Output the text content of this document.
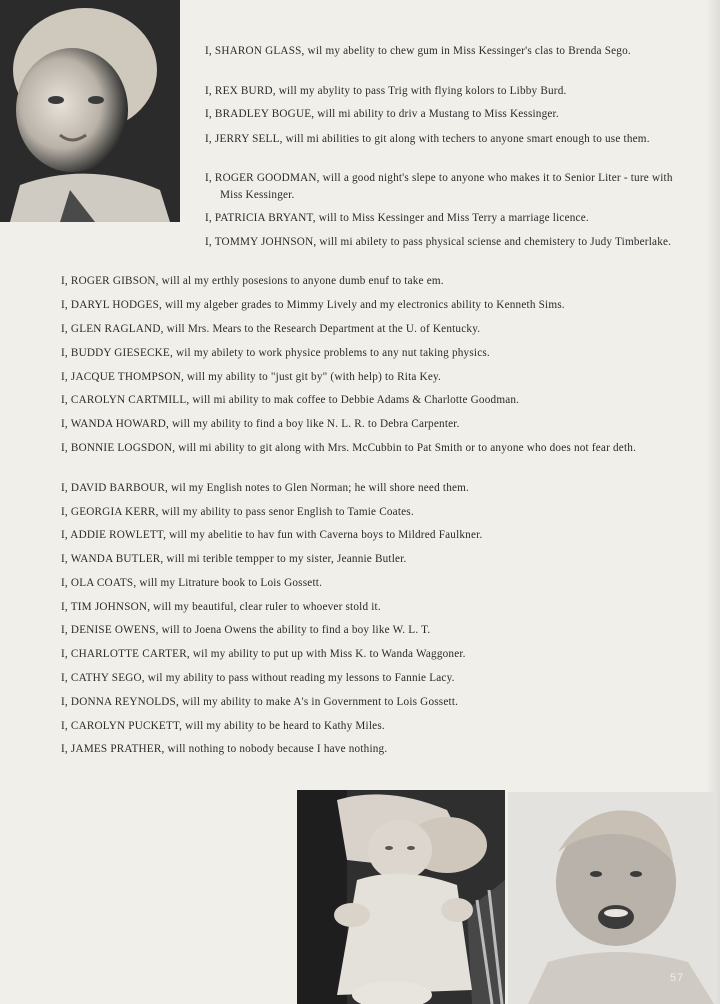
I, SHARON GLASS, wil my abelity to chew gum in Miss Kessinger's clas to Brenda Sego.

I, REX BURD, will my abylity to pass Trig with flying kolors to Libby Burd.

I, BRADLEY BOGUE, will mi ability to driv a Mustang to Miss Kessinger.

I, JERRY SELL, will mi abilities to git along with techers to anyone smart enough to use them.

I, ROGER GOODMAN, will a good night's slepe to anyone who makes it to Senior Liter - ture with Miss Kessinger.

I, PATRICIA BRYANT, will to Miss Kessinger and Miss Terry a marriage licence.

I, TOMMY JOHNSON, will mi abilety to pass physical sciense and chemistery to Judy Timberlake.

I, ROGER GIBSON, will al my erthly posesions to anyone dumb enuf to take em.

I, DARYL HODGES, will my algeber grades to Mimmy Lively and my electronics ability to Kenneth Sims.

I, GLEN RAGLAND, will Mrs. Mears to the Research Department at the U. of Kentucky.

I, BUDDY GIESECKE, wil my abilety to work physice problems to any nut taking physics.

I, JACQUE THOMPSON, will my ability to "just git by" (with help) to Rita Key.

I, CAROLYN CARTMILL, will mi ability to mak coffee to Debbie Adams & Charlotte Goodman.

I, WANDA HOWARD, will my ability to find a boy like N. L. R. to Debra Carpenter.

I, BONNIE LOGSDON, will mi ability to git along with Mrs. McCubbin to Pat Smith or to anyone who does not fear deth.

I, DAVID BARBOUR, wil my English notes to Glen Norman; he will shore need them.

I, GEORGIA KERR, will my ability to pass senor English to Tamie Coates.

I, ADDIE ROWLETT, will my abelitie to hav fun with Caverna boys to Mildred Faulkner.

I, WANDA BUTLER, will mi terible tempper to my sister, Jeannie Butler.

I, OLA COATS, will my Litrature book to Lois Gossett.

I, TIM JOHNSON, will my beautiful, clear ruler to whoever stold it.

I, DENISE OWENS, will to Joena Owens the ability to find a boy like W. L. T.

I, CHARLOTTE CARTER, wil my ability to put up with Miss K. to Wanda Waggoner.

I, CATHY SEGO, wil my ability to pass without reading my lessons to Fannie Lacy.

I, DONNA REYNOLDS, will my ability to make A's in Government to Lois Gossett.

I, CAROLYN PUCKETT, will my ability to be heard to Kathy Miles.

I, JAMES PRATHER, will nothing to nobody because I have nothing.

57
